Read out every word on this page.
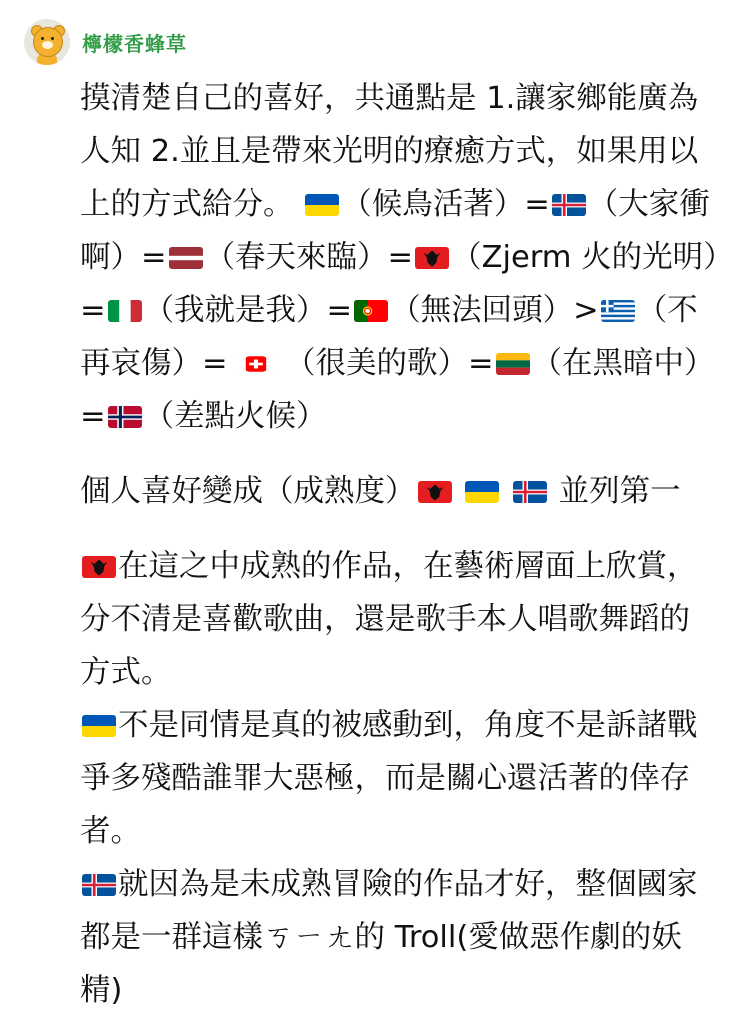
檸檬香蜂草
摸清楚自己的喜好，共通點是 1.讓家鄉能廣為人知 2.並且是帶來光明的療癒方式，如果用以上的方式給分。
（候鳥活著）= （大家衝啊）= （春天來臨）= （Zjerm 火的光明）= （我就是我）= （無法回頭）> （不再哀傷）=
（很美的歌）= （在黑暗中）= （差點火候）
個人喜好變成（成熟度）

	並列第一
在這之中成熟的作品，在藝術層面上欣賞，分不清是喜歡歌曲，還是歌手本人唱歌舞蹈的方式。
不是同情是真的被感動到，角度不是訴諸戰爭多殘酷誰罪大惡極，而是關心還活著的倖存者。
就因為是未成熟冒險的作品才好，整個國家都是一群這樣ㄎㄧㄤ的 Troll(愛做惡作劇的妖精)
